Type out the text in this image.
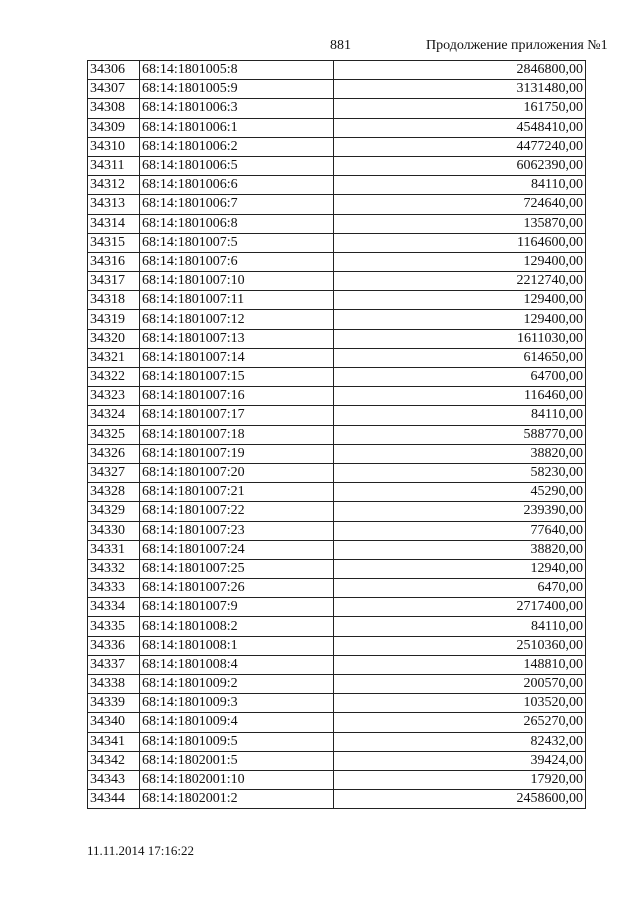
881	Продолжение приложения №1
34306	68:14:1801005:8	2846800,00
34307	68:14:1801005:9	3131480,00
34308	68:14:1801006:3	161750,00
34309	68:14:1801006:1	4548410,00
34310	68:14:1801006:2	4477240,00
34311	68:14:1801006:5	6062390,00
34312	68:14:1801006:6	84110,00
34313	68:14:1801006:7	724640,00
34314	68:14:1801006:8	135870,00
34315	68:14:1801007:5	1164600,00
34316	68:14:1801007:6	129400,00
34317	68:14:1801007:10	2212740,00
34318	68:14:1801007:11	129400,00
34319	68:14:1801007:12	129400,00
34320	68:14:1801007:13	1611030,00
34321	68:14:1801007:14	614650,00
34322	68:14:1801007:15	64700,00
34323	68:14:1801007:16	116460,00
34324	68:14:1801007:17	84110,00
34325	68:14:1801007:18	588770,00
34326	68:14:1801007:19	38820,00
34327	68:14:1801007:20	58230,00
34328	68:14:1801007:21	45290,00
34329	68:14:1801007:22	239390,00
34330	68:14:1801007:23	77640,00
34331	68:14:1801007:24	38820,00
34332	68:14:1801007:25	12940,00
34333	68:14:1801007:26	6470,00
34334	68:14:1801007:9	2717400,00
34335	68:14:1801008:2	84110,00
34336	68:14:1801008:1	2510360,00
34337	68:14:1801008:4	148810,00
34338	68:14:1801009:2	200570,00
34339	68:14:1801009:3	103520,00
34340	68:14:1801009:4	265270,00
34341	68:14:1801009:5	82432,00
34342	68:14:1802001:5	39424,00
34343	68:14:1802001:10	17920,00
34344	68:14:1802001:2	2458600,00
11.11.2014 17:16:22
